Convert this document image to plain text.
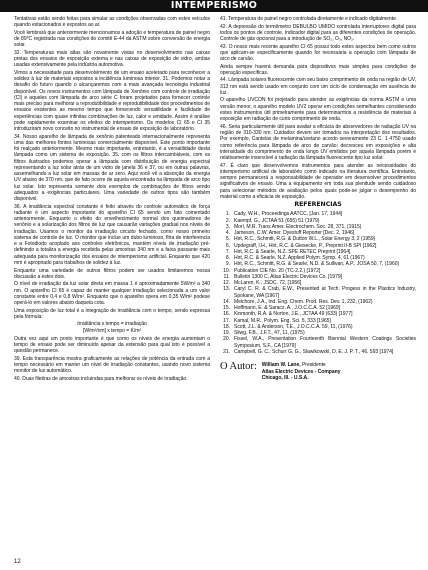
INTEMPERISMO

Tentativas estão sendo feitas para simular as condições observadas com estes veículos quando estacionados e expostos ao ar.

Você lembrará que anteriormente mencionamos a adoção e temperatura de painel negro de 89°C registrada nas condições do comitê E-44 da ASTM sobre conversão de energia solar.

32. Temperaturas mais altas são novamente vistas no desenvolvimento nas caixas pretas dos ensaios de exposição externa e nas caixas de exposição de vidro, ambas usadas extensivamente pela indústria automotiva.

Vimos a necessidade para desenvolvimento de um ensaio acelerado para reconhecer a solidez à luz de materiais expostos a incidência luminosa interior. 31. Podemos notar a desafio do futuro quando o alcançaremos com a mais avançada tecnologia industrial disponível. Os novos instrumentos com lâmpada de Xenônio com controle de irradiação (CI) e aqueles com lâmpada de arco série C foram projetados para fornecer controle mais preciso para melhorar a reprodutibilidade e reprodutibilidade dos procedimentos de ensaios existentes as mesmo tempo que fornecendo versatilidade e facilidade de experiências com quase infinitas combinações de luz, calor e umidade. Assim é análise pode rapidamente examinar os efeitos do intemperismo. Os modelos CI 65 e CI 35 introduziram novo conceito no instrumental de ensaio de exposição de laboratório.

34. Nosso aparelho de lâmpada de xenônio patenteado internacionalmente representa uma das melhores fontes luminosas comercialmente disponível. Este ponto importante foi realçado anteriormente. Mesmo mais importante, entretanto, é a versatilidade desta lâmpada como um sistema de exposição. 35. com os filtros intercambiáveis, com os filtros ilustrados podemos operar a lâmpada com distribuição de energia espectral representando a luz solar atrás de um vidro de janela 36 e 37, ou em outras palavras, assemelhando a luz solar em massas de ar zero. Aqui você vê a absorção da energia UV abaixo de 370 nm, que de fato ocorre de aquela encontrada na lâmpada de arco tipo luz solar. Isto representa somente dois exemplos de combinações de filtros sendo adequados a exigências particulares. Uma variedade de outros tipos são também disponível.

36. A irradiância espectral constante é feito através do controle automático de força radiante é um aspecto importante do aparelho CI 65 sendo um fato comentado anteriormente. Enquanto o efeito do envelhecimento normal dos queimadores de xenônio e a solarização dos filtros de luz que causarão variações gradual nos níveis de irradiação. Usamos o monitor da irradiação circuito fechado, como nosso primeiro sistema de controle de luz. O monitor que inclue um dubo luminoso, fitra de interferencia e a Fotodiodo acoplado aos controles eletrônicos, mantém níveis de irradiação pré-definindo a totaliza a energia recebida pelas amostras 340 nm e a faixa passante mais adequada para monitorização dos ensaios de intemperismo artificial. Enquanto que 420 mm é apropriado para trabalhos de solidez à luz.

Enquanto uma variedade de outros filtros podem ser usados limitaremos nossa discussão a estes dois.

O nível de irradiação da luz solar direta em massa 1 é aproximadamente 5W/m² a 340 nm. O aparelho CI 65 é capaz de manter qualquer irradiação selecionada a um valor constante entre 0,4 e 0,8 W/m². Enquanto que o aparelho opera em 0,35 W/m² podese operá-lo em valores abaixo daquela cota.

Uma exposição de luz total é a integração de irradiância com o tempo, sendo expressa pela fórmula:

Irradiância x tempo = irradiação
[W/m²/nm] x tempo = K/m²

Outra vez aqui um ponto importante é que como os níveis de energia aumentam o tempo de ensaio pode ser diminuído apesar da extensão para qual isto é possível a questão permanece.

39. Esta transparência mostra graficamente as relações de potência da entrada com a tempo necessário em manter um nível de irradiação constantes, usando novo sistema monitor de luz automático.

40. Duas filetiras de amostras incluindas para melhorar os níveis de irradiação.

41. Temperatura de painel negro controlada diretamente e indicado digitalmente.

42. A depressão do termômetro DEBULBO UMIDO controlada interruptores digital para todos os pontos de controle. Indicador digital para as diferentes condições de operação. Controle de gás opcional para a introdução de SO₂, O₃, NO₂.

43. O nosso mais recente aparelho CI 65 possui todo estes aspectos bem como outros que aplicam-se especificamente quando for necessária a operação com lâmpada de arco de carvão.

Ainda sempre haverá demanda para dispositivos mais simples para condições de operação específicas.

44. Lâmpada solares fluorescente com seu baixo comprimento de onda na região de UV, 313 nm está sendo usado em conjunto com um ciclo de condensação em ausência de luz.

O aparelho UVCON foi projetado para atender as exigências da norma ASTM e uma versão menor, o aparelho modelo UV2 operar em condições semelhantes considerando estes instrumentos útil primeiramente para determinarmos a resistência de materiais à exposição em radiação de curto comprimento de onda.

46. Seria particularmente útil para avaliar a eficácia de absorvedores de radiação UV na região de 310-330 nm. Cuidados devem ser tomados na interpretação dos resultados. Por exemplo, Cantelas de melamina/uretano acordo severamente 23 C. 1 4750 usado como referência para lâmpada de arco de carvão; decresceu em exposições e alta intensidade do comprimento de onda longo UV emitidos por aquela lâmpada porém é relativamente insensível a radiação da lâmpada fluorescente tipo luz solar.

47. É claro que desenvolvemos instrumentos para atender as necessidades do intemperismo artificial de laboratório como indicado na literatura científica. Entretanto, sempre permanecerá a responsabilidade de operador em desenvolver procedimentos significativos de ensaio. Uma a equipamento em toda sua plenitude sendo cuidadoso para selecionar métodos de avaliação pelos quais pode-se julgar o desempenho do material como a eficácia de exposição.

REFERENCIAS
1. Cady, W.H., Proceedings AATCC, [Jan. 17, 1944]
2. Kaempf, G., JCTAA 51 (655) 51 (1979)
3. Morl, M.R. Trans Amer. Electrochem. Soc. 28, 371, (1915)
4. Jameson, C.W. Amer. Dyestuff Reporter [Dec. 2, 1946]
5. Hirt, R.C., Schmitt, R.G. & Dutton W.L., Solar Energy 3, 2 (1959)
6. Updegraff, I.H., Hirt, R.C. & Giesecke, P., Preprint II-B SPI [1962]
7. Hirt, R.C. & Searle, N.Z. SPE RETEC Preprint [1964]
8. Hirt, R.C. & Searle, N.Z. Applied Polym. Symp. 4, 61 (1967)
9. Hirt, R.C., Schmitt, R.G. & Searle, N.D. & Sullivan, A.P., JOSA 50, 7, (1960)
10. Publication CIE No. 20 (TC-2.2.) [1972]
11. Bulletin 1300 C, Atlas Electric Devices Co. [1979]
12. McLaren, K., JSDC. 72, [1956]
13. Caryl C. R. & Crab, E.W., Presented at Tech. Progess in the Plastics Industry, Spokane, WA [1967]
14. Melchore, J.A., Ind. Eng. Chem. Prod. Res. Dev. 1, 232, (1962)
15. Hoffmann, E. & Saracz, A., J.O.C.C.A. 52 [1969]
16. Kinmonth, R.A. & Norton, J.E., JCTAA 49 (633) [1977]
17. Kamal, M.R., Polym. Eng. Sci. 5, 333 [1965]
18. Scott, J.L. & Anderson, T.E., J.O.C.C.A. 59, 11, (1976)
19. Sliwg, F.B., J.F.T., 47, 11, (1975)
20. Fissel, W.A., Presentation Fourteenth Biennial Western Coatings Societies Symposium, S.F., CA [1979]
21. Campbell, G. C., Schurr G. G., Slawikowski, D. E. J. P. T., 46, 593 [1974]
O Autor: William W. Lane, Presidente
Atlas Electric Devices - Company
Chicago, Ill. - U.S.A.
12
